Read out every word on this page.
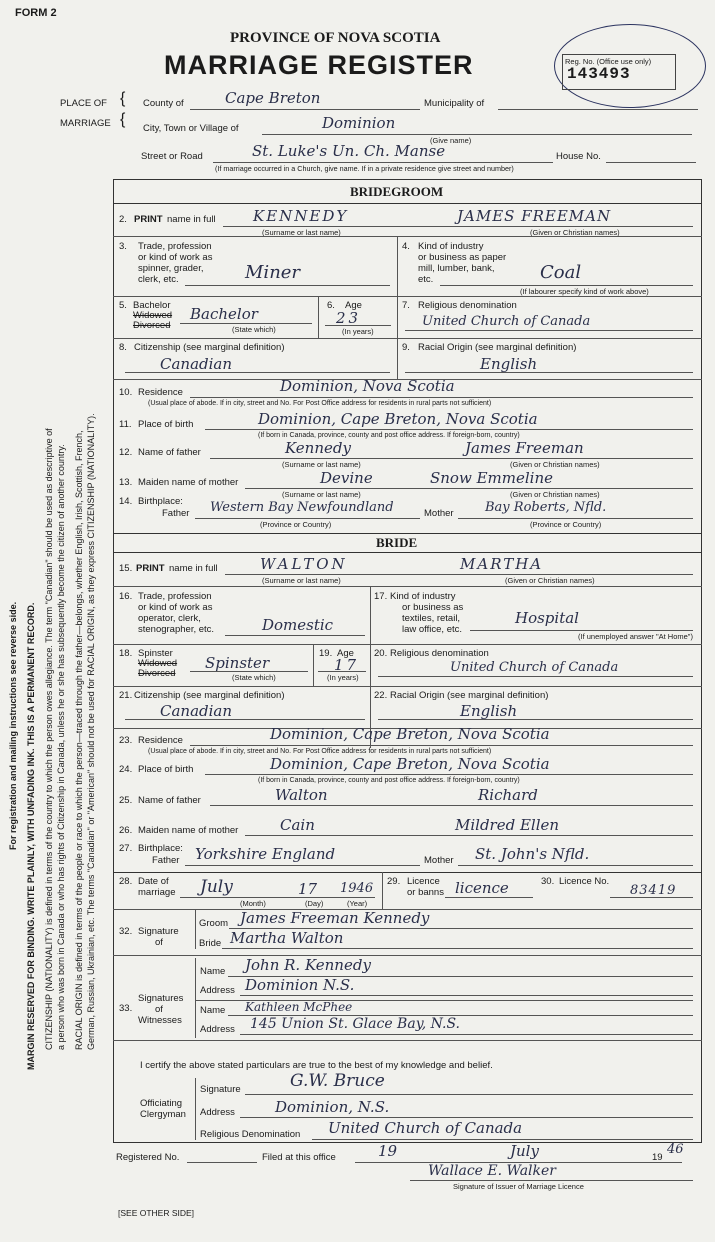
For registration and mailing instructions see reverse side. MARGIN RESERVED FOR BINDING. WRITE PLAINLY, WITH UNFADING INK. THIS IS A PERMANENT RECORD. CITIZENSHIP (NATIONALITY) is defined in terms of the country to which the person owes allegiance. The term "Canadian" should be used as descriptive of a person who was born in Canada or who has rights of Citizenship in Canada, unless he or she has subsequently become the citizen of another country. RACIAL ORIGIN is defined in terms of the people or race to which the person—traced through the father—belongs, whether English, Irish, Scottish, French, German, Russian, Ukrainian, etc. The terms "Canadian" or "American" should not be used for RACIAL ORIGIN, as they express CITIZENSHIP (NATIONALITY).
FORM 2
PROVINCE OF NOVA SCOTIA
MARRIAGE REGISTER	Reg. No. (Office use only)
143493
PLACE OF
MARRIAGE
{
{
County of	Cape Breton	Municipality of
City, Town or Village of	Dominion
(Give name)
Street or Road	St. Luke's Un. Ch. Manse	House No.
(If marriage occurred in a Church, give name. If in a private residence give street and number)
BRIDEGROOM
2. PRINT name in full KENNEDY	JAMES FREEMAN
(Surname or last name)	(Given or Christian names)
3. Trade, profession
or kind of work as
spinner, grader,
clerk, etc.	Miner
4. Kind of industry
or business as paper
mill, lumber, bank,
etc.	Coal
(If labourer specify kind of work above)
5. Bachelor
Widowed
Divorced
Bachelor
(State which)
6. Age
23
(In years)
7. Religious denomination
United Church of Canada
8. Citizenship (see marginal definition)
Canadian
9. Racial Origin (see marginal definition)
English
10. Residence	Dominion, Nova Scotia
(Usual place of abode. If in city, street and No. For Post Office address for residents in rural parts not sufficient)
11. Place of birth	Dominion, Cape Breton, Nova Scotia
(If born in Canada, province, county and post office address. If foreign-born, country)
12. Name of father	Kennedy	James Freeman
(Surname or last name)	(Given or Christian names)
13. Maiden name of mother	Devine	Snow Emmeline
(Surname or last name)	(Given or Christian names)
14. Birthplace:
Father Western Bay Newfoundland	Mother Bay Roberts, Nfld.
(Province or Country)	(Province or Country)
BRIDE
15. PRINT name in full	WALTON	MARTHA
(Surname or last name)	(Given or Christian names)
16. Trade, profession
or kind of work as
operator, clerk,
stenographer, etc.	Domestic
17. Kind of industry
or business as
textiles, retail,
law office, etc.
Hospital
(If unemployed answer "At Home")
18. Spinster
Widowed
Divorced
Spinster
(State which)
19. Age
17
(In years)
20. Religious denomination
United Church of Canada
21. Citizenship (see marginal definition)
Canadian
22. Racial Origin (see marginal definition)
English
23. Residence	Dominion, Cape Breton, Nova Scotia
(Usual place of abode. If in city, street and No. For Post Office address for residents in rural parts not sufficient)
24. Place of birth	Dominion, Cape Breton, Nova Scotia
(If born in Canada, province, county and post office address. If foreign-born, country)
25. Name of father	Walton	Richard
26. Maiden name of mother	Cain	Mildred Ellen
27. Birthplace:
Father Yorkshire England	Mother St. John's Nfld.
28. Date of
marriage July	17 1946
(Month)	(Day)	(Year)
29. Licence
or banns licence	30. Licence No.
83419
32. Signature
of
Groom James Freeman Kennedy
Bride Martha Walton
33.
Signatures
of
Witnesses
Name John R. Kennedy
Address Dominion N.S.
Name Kathleen McPhee
Address 145 Union St. Glace Bay, N.S.
I certify the above stated particulars are true to the best of my knowledge and belief.
Officiating
Clergyman
Signature	G.W. Bruce
Address	Dominion, N.S.
Religious Denomination United Church of Canada
Registered No.	Filed at this office	19	July	19
46
Wallace E. Walker
Signature of Issuer of Marriage Licence
[SEE OTHER SIDE]
